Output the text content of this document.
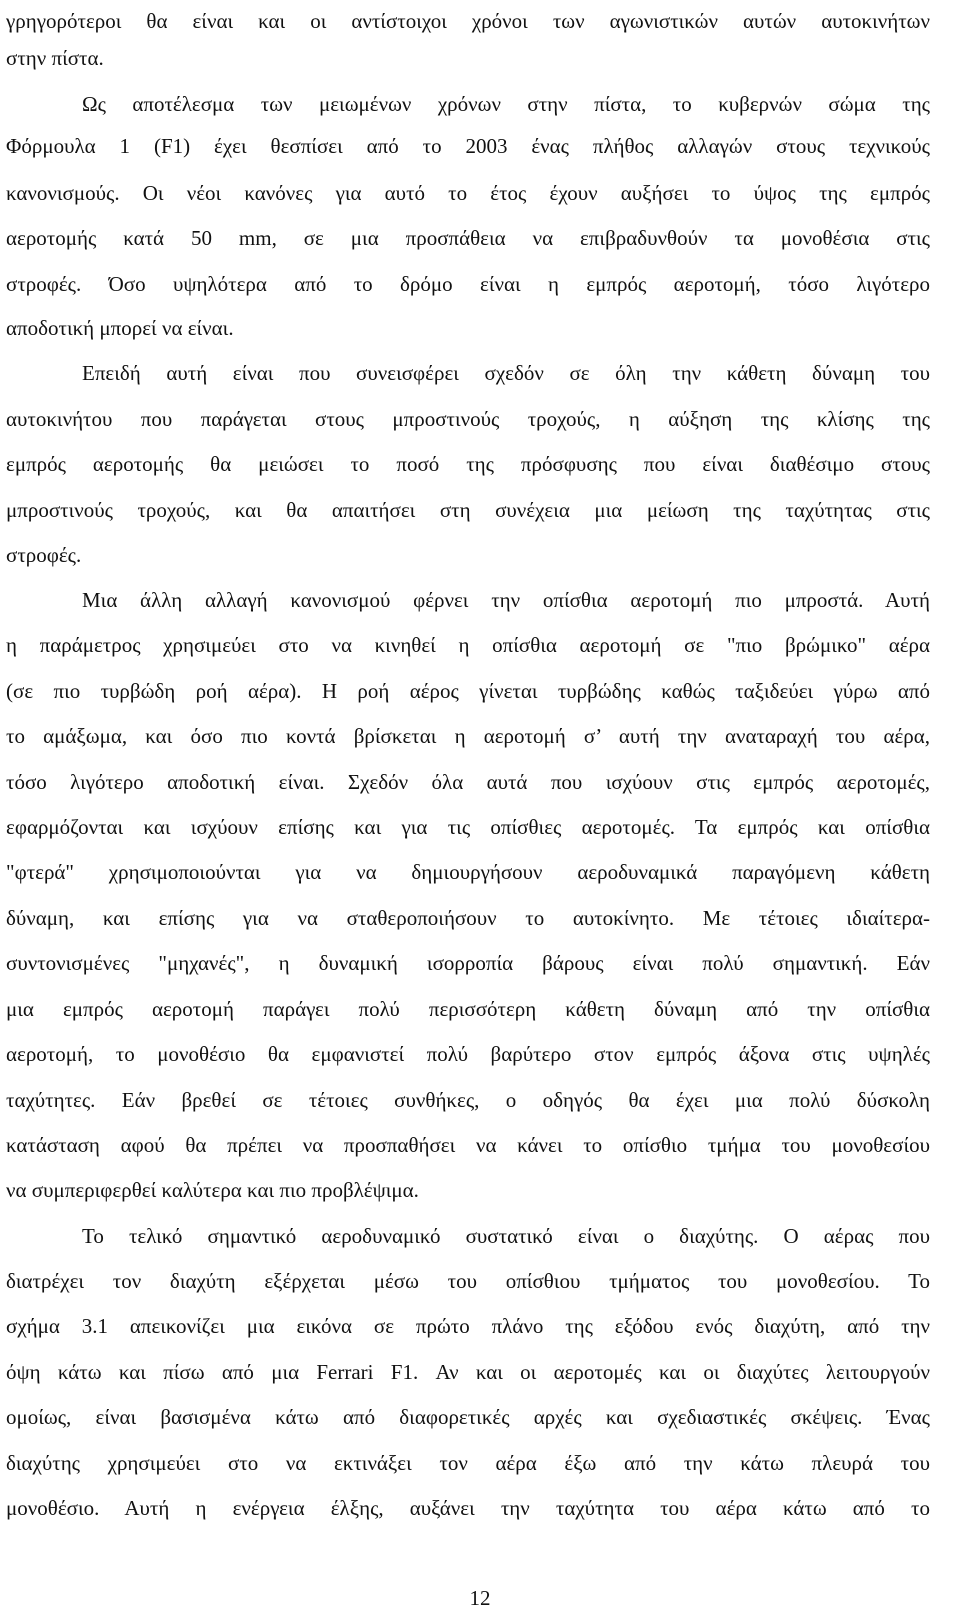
γρηγορότεροι θα είναι και οι αντίστοιχοι χρόνοι των αγωνιστικών αυτών αυτοκινήτων
στην πίστα.
Ως αποτέλεσμα των μειωμένων χρόνων στην πίστα, το κυβερνών σώμα της
Φόρμουλα 1 (F1) έχει θεσπίσει από το 2003 ένας πλήθος αλλαγών στους τεχνικούς
κανονισμούς. Οι νέοι κανόνες για αυτό το έτος έχουν αυξήσει το ύψος της εμπρός
αεροτομής κατά 50 mm, σε μια προσπάθεια να επιβραδυνθούν τα μονοθέσια στις
στροφές. Όσο υψηλότερα από το δρόμο είναι η εμπρός αεροτομή, τόσο λιγότερο
αποδοτική μπορεί να είναι.
Επειδή αυτή είναι που συνεισφέρει σχεδόν σε όλη την κάθετη δύναμη του
αυτοκινήτου που παράγεται στους μπροστινούς τροχούς, η αύξηση της κλίσης της
εμπρός αεροτομής θα μειώσει το ποσό της πρόσφυσης που είναι διαθέσιμο στους
μπροστινούς τροχούς, και θα απαιτήσει στη συνέχεια μια μείωση της ταχύτητας στις
στροφές.
Μια άλλη αλλαγή κανονισμού φέρνει την οπίσθια αεροτομή πιο μπροστά. Αυτή
η παράμετρος χρησιμεύει στο να κινηθεί η οπίσθια αεροτομή σε "πιο βρώμικο" αέρα
(σε πιο τυρβώδη ροή αέρα). Η ροή αέρος γίνεται τυρβώδης καθώς ταξιδεύει γύρω από
το αμάξωμα, και όσο πιο κοντά βρίσκεται η αεροτομή σ’ αυτή την αναταραχή του αέρα,
τόσο λιγότερο αποδοτική είναι. Σχεδόν όλα αυτά που ισχύουν στις εμπρός αεροτομές,
εφαρμόζονται και ισχύουν επίσης και για τις οπίσθιες αεροτομές. Τα εμπρός και οπίσθια
"φτερά" χρησιμοποιούνται για να δημιουργήσουν αεροδυναμικά παραγόμενη κάθετη
δύναμη, και επίσης για να σταθεροποιήσουν το αυτοκίνητο. Με τέτοιες ιδιαίτερα-
συντονισμένες "μηχανές", η δυναμική ισορροπία βάρους είναι πολύ σημαντική. Εάν
μια εμπρός αεροτομή παράγει πολύ περισσότερη κάθετη δύναμη από την οπίσθια
αεροτομή, το μονοθέσιο θα εμφανιστεί πολύ βαρύτερο στον εμπρός άξονα στις υψηλές
ταχύτητες. Εάν βρεθεί σε τέτοιες συνθήκες, ο οδηγός θα έχει μια πολύ δύσκολη
κατάσταση αφού θα πρέπει να προσπαθήσει να κάνει το οπίσθιο τμήμα του μονοθεσίου
να συμπεριφερθεί καλύτερα και πιο προβλέψιμα.
Το τελικό σημαντικό αεροδυναμικό συστατικό είναι ο διαχύτης. Ο αέρας που
διατρέχει τον διαχύτη εξέρχεται μέσω του οπίσθιου τμήματος του μονοθεσίου. Το
σχήμα 3.1 απεικονίζει μια εικόνα σε πρώτο πλάνο της εξόδου ενός διαχύτη, από την
όψη κάτω και πίσω από μια Ferrari F1. Αν και οι αεροτομές και οι διαχύτες λειτουργούν
ομοίως, είναι βασισμένα κάτω από διαφορετικές αρχές και σχεδιαστικές σκέψεις. Ένας
διαχύτης χρησιμεύει στο να εκτινάξει τον αέρα έξω από την κάτω πλευρά του
μονοθέσιο. Αυτή η ενέργεια έλξης, αυξάνει την ταχύτητα του αέρα κάτω από το
12
